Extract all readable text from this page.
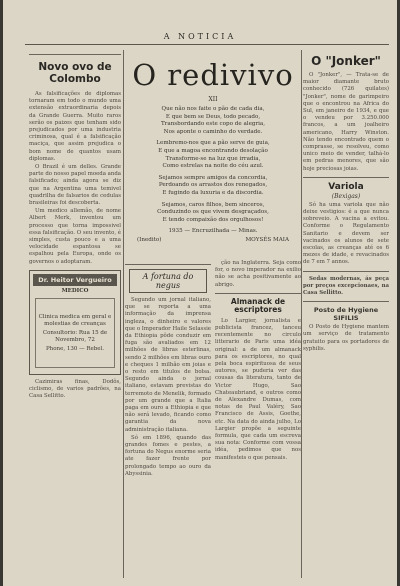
A NOTICIA
Novo ovo de Colombo

As falsificações de diplomas tornaram em todo o mundo uma extensão extraordinaria depois da Grande Guerra. Muito raros serão os paizes que tenham sido prejudicados por uma industria criminosa, qual é a falsificação maciça, que assim prejudica o bom nome de quantos usam diplomas.

O Brazil é um delles. Grande parte do nosso papel moeda anda falsificado; ainda agora se diz que na Argentina uma temivel quadrilha de falsarios de cedulas brasileiras foi descoberta.

Um medico allemão, de nome Albert Merk, inventou um processo que torna impossivel essa falsificação. O seu invento, é simples, custa pouco e a uma velocidade espantosa se espalhou pela Europa, onde os governos o adoptaram.

Dr. Heitor Vergueiro
MEDICO
Clinica medica em geral e molestias de creanças
Consultorio: Rua 15 de Novembro, 72
Phone, 130 — Rebel.

Cazimiras finas, Dodôs, ciclismo, de varios padrões, na Casa Sellitto.

O redivivo
XII
Que não nos faite o pão de cada dia,
E que bem se Deus, todo pecado,
Transbordando este copo de alegria,
Nos aponte o caminho do verdade.
Lembremo-nos que a pão serve de guia,
E que a magoa encontrando desolação
Transforme-se na luz que irradia,
Como estrelas na noite do céu azul.
Sejamos sempre amigos da concordia,
Perdoando os arrastos dos renegados,
E fugindo da luxuria e da discordia.
Sejamos, caros filhos, bem sinceros,
Conduzindo os que vivem desgraçados,
E tendo compaixão dos orgulhosos!
1935 — Encruzilhada — Minas.
(Inedito)	MOYSÉS MAIA
A fortuna do negus

Segundo um jornal italiano, que se reporta a uma informação da imprensa ingleza, o dinheiro e valores que o Imperador Haile Selassie da Ethiopia pôde conduzir em fuga são avaliados em 12 milhões de libras esterlinas, sendo 2 milhões em libras ouro e cheques 1 milhão em joias e o resto em titulos de bolsa. Segundo ainda o jornal italiano, estavam previstas do terremoto de Menelik, formado por um grande que a Italia paga em ouro a Ethiopia e que não será levado, ficando como garantia da nova administração italiana.

Só em 1896, quando das grandes fomes e pestes, a fortuna do Negus enorme seria ate fazer frente por prolongado tempo ao ouro da Abyssinia.

ção na Inglaterra. Seja como for, o novo imperador na exilio não se acha positivamente ao abrigo.

Almanack de escriptores

Lo Largier, jornalista e publicista francez, tanceu recentemente no circulo litterario de Paris uma idéa original: a de um almanack para os escriptores, no qual pela boca espirituosa de seus autores, se puderia ver das cousas da literatura, tanto de Victor Hugo, Sao Chateaubriand, e outros como de Alexandre Dumas, com notas de Paul Valéry, Sao Francisco de Assis, Goethe, etc. Na data do ainda julho, Lo Largier propõe a seguinte formula, que cada um escreva sua nota: Conforme com vossa idéa, pedimos que nos manifesteis o que pensais.

O "Jonker"

O "Jonker", — Trata-se de maior diamante bruto conhecido (726 quilates) "Jonker", nome de garimpeiro que o encontrou na Africa do Sul, em janeiro de 1934, e que o vendeu por 3.250.000 francos, a um joalheiro americano, Harry Winston. Não tendo encontrado quem o comprasse, se resolveu, como unico meio de vender, talhá-lo em pedras menores, que são hoje preciosas joias.

Variola
(Bexigas)

Só ha uma variola que não deixe vestigios: é a que nunca sobreveio. A vacina a evitou. Conforme o Regulamento Sanitario e devem ser vacinados os alunos de sete escolas, as creanças até os 6 mezes de idade, e revacinados de 7 em 7 annos.

Sedas modernas, ás peça por preços excepcionaes, na Casa Sellitto.

Posto de Hygiene SIFILIS

O Posto de Hygiene mantem um serviço de tratamento gratuito para os portadores de syphilis.
